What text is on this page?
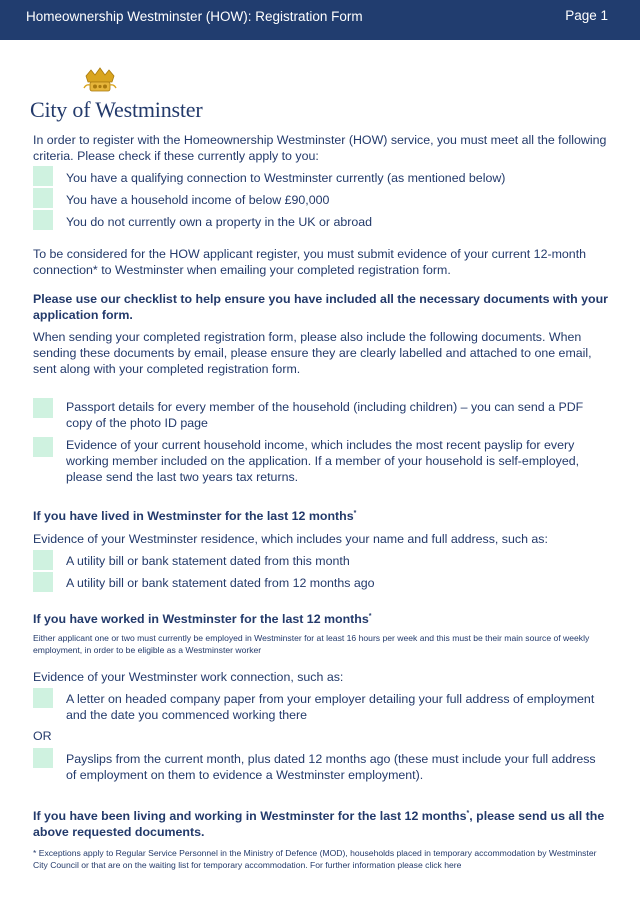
Homeownership Westminster (HOW): Registration Form	Page 1
City of Westminster

In order to register with the Homeownership Westminster (HOW) service, you must meet all the following criteria. Please check if these currently apply to you:

You have a qualifying connection to Westminster currently (as mentioned below)

You have a household income of below £90,000

You do not currently own a property in the UK or abroad

To be considered for the HOW applicant register, you must submit evidence of your current 12-month connection* to Westminster when emailing your completed registration form.

Please use our checklist to help ensure you have included all the necessary documents with your application form.

When sending your completed registration form, please also include the following documents. When sending these documents by email, please ensure they are clearly labelled and attached to one email, sent along with your completed registration form.

Passport details for every member of the household (including children) – you can send a PDF copy of the photo ID page

Evidence of your current household income, which includes the most recent payslip for every working member included on the application. If a member of your household is self-employed, please send the last two years tax returns.

If you have lived in Westminster for the last 12 months*

Evidence of your Westminster residence, which includes your name and full address, such as:

A utility bill or bank statement dated from this month

A utility bill or bank statement dated from 12 months ago

If you have worked in Westminster for the last 12 months*

Either applicant one or two must currently be employed in Westminster for at least 16 hours per week and this must be their main source of weekly employment, in order to be eligible as a Westminster worker

Evidence of your Westminster work connection, such as:

A letter on headed company paper from your employer detailing your full address of employment and the date you commenced working there

OR

Payslips from the current month, plus dated 12 months ago (these must include your full address of employment on them to evidence a Westminster employment).

If you have been living and working in Westminster for the last 12 months*, please send us all the above requested documents.

* Exceptions apply to Regular Service Personnel in the Ministry of Defence (MOD), households placed in temporary accommodation by Westminster City Council or that are on the waiting list for temporary accommodation. For further information please click here
